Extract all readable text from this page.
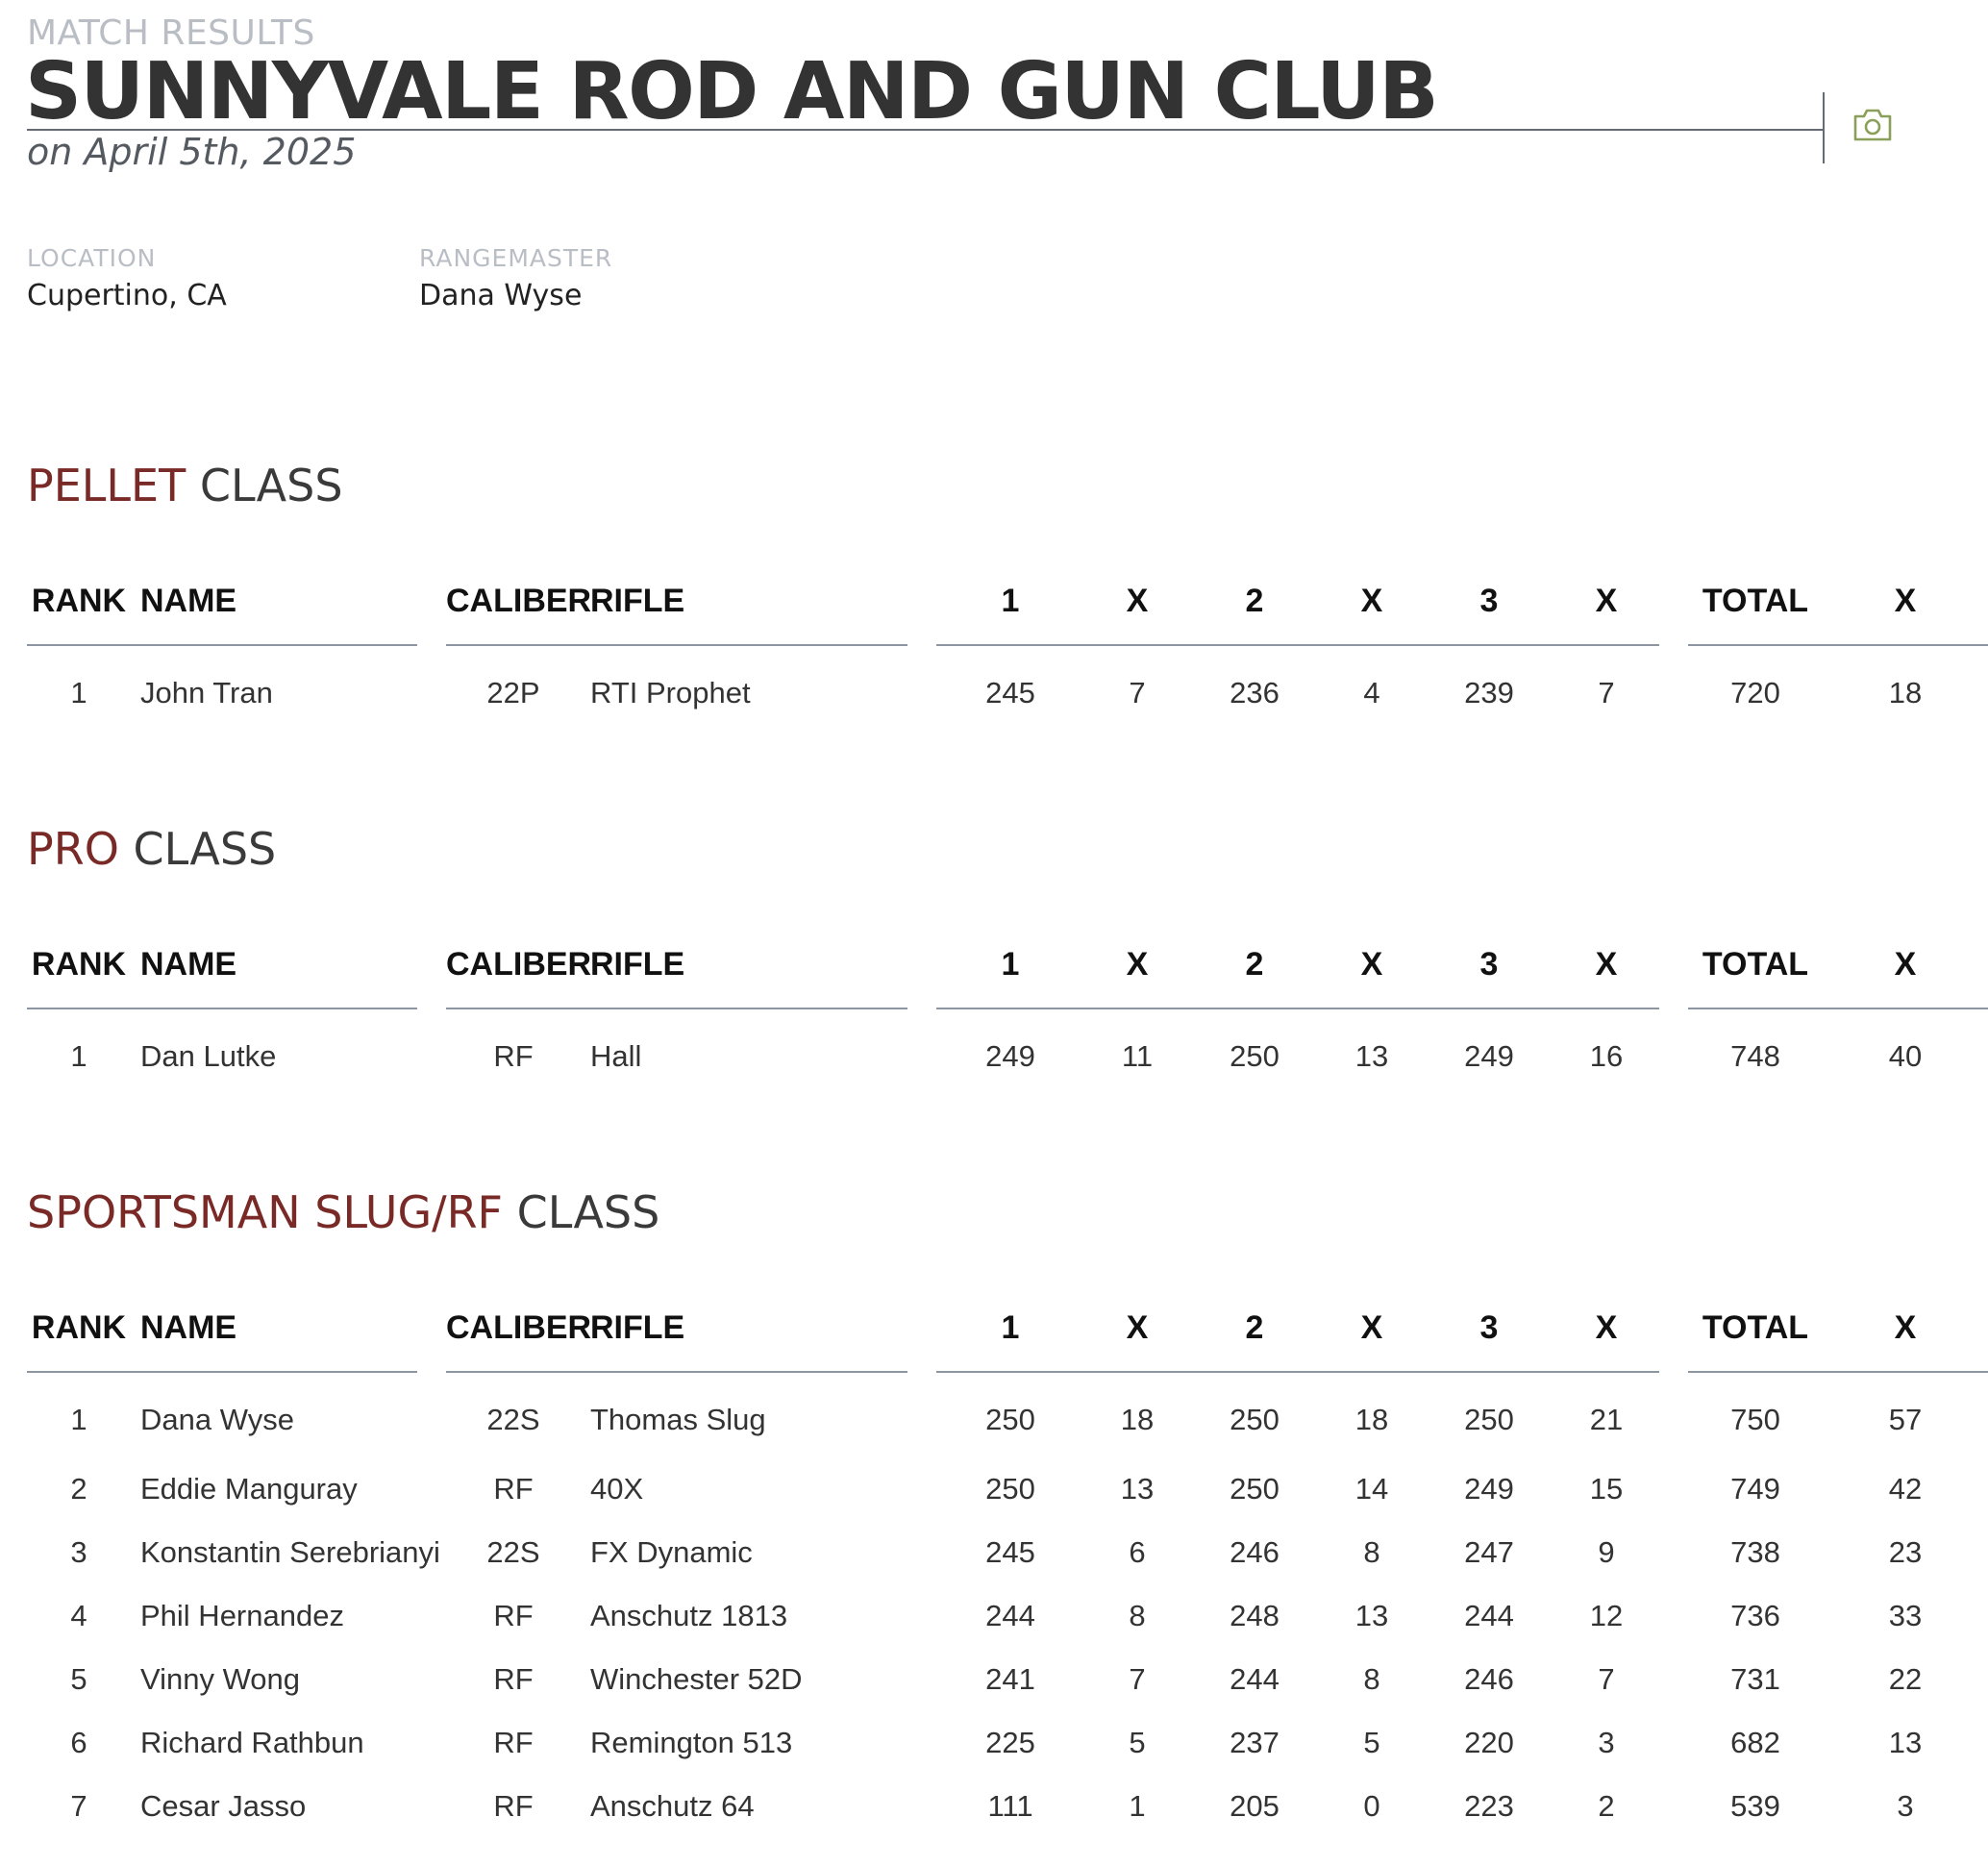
MATCH RESULTS
SUNNYVALE ROD AND GUN CLUB
on April 5th, 2025
LOCATION
Cupertino, CA
RANGEMASTER
Dana Wyse
PELLET CLASS
RANK	NAME		CALIBER	RIFLE		1	X	2	X	3	X		TOTAL	X
1	John Tran		22P	RTI Prophet		245	7	236	4	239	7		720	18
PRO CLASS
RANK	NAME		CALIBER	RIFLE		1	X	2	X	3	X		TOTAL	X
1	Dan Lutke		RF	Hall		249	11	250	13	249	16		748	40
SPORTSMAN SLUG/RF CLASS
RANK	NAME		CALIBER	RIFLE		1	X	2	X	3	X		TOTAL	X
1	Dana Wyse		22S	Thomas Slug		250	18	250	18	250	21		750	57
2	Eddie Manguray		RF	40X		250	13	250	14	249	15		749	42
3	Konstantin Serebrianyi		22S	FX Dynamic		245	6	246	8	247	9		738	23
4	Phil Hernandez		RF	Anschutz 1813		244	8	248	13	244	12		736	33
5	Vinny Wong		RF	Winchester 52D		241	7	244	8	246	7		731	22
6	Richard Rathbun		RF	Remington 513		225	5	237	5	220	3		682	13
7	Cesar Jasso		RF	Anschutz 64		111	1	205	0	223	2		539	3
